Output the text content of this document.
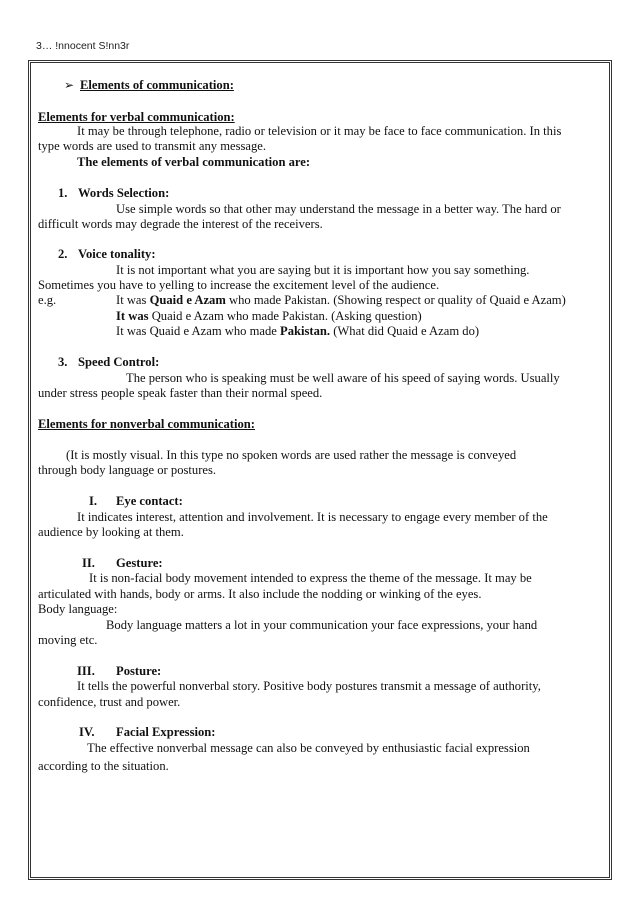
3… !nnocent S!nn3r
➢ Elements of communication:
Elements for verbal communication:
It may be through telephone, radio or television or it may be face to face communication. In this
type words are used to transmit any message.
The elements of verbal communication are:
1. Words Selection:
Use simple words so that other may understand the message in a better way. The hard or
difficult words may degrade the interest of the receivers.
2. Voice tonality:
It is not important what you are saying but it is important how you say something.
Sometimes you have to yelling to increase the excitement level of the audience.
e.g.	It was Quaid e Azam who made Pakistan. (Showing respect or quality of Quaid e Azam)
It was Quaid e Azam who made Pakistan. (Asking question)
It was Quaid e Azam who made Pakistan. (What did Quaid e Azam do)
3. Speed Control:
The person who is speaking must be well aware of his speed of saying words. Usually
under stress people speak faster than their normal speed.
Elements for nonverbal communication:
(It is mostly visual. In this type no spoken words are used rather the message is conveyed
through body language or postures.
I. Eye contact:
It indicates interest, attention and involvement. It is necessary to engage every member of the
audience by looking at them.
II. Gesture:
It is non-facial body movement intended to express the theme of the message. It may be
articulated with hands, body or arms. It also include the nodding or winking of the eyes.
Body language:
Body language matters a lot in your communication your face expressions, your hand
moving etc.
III. Posture:
It tells the powerful nonverbal story. Positive body postures transmit a message of authority,
confidence, trust and power.
IV. Facial Expression:
The effective nonverbal message can also be conveyed by enthusiastic facial expression
according to the situation.
